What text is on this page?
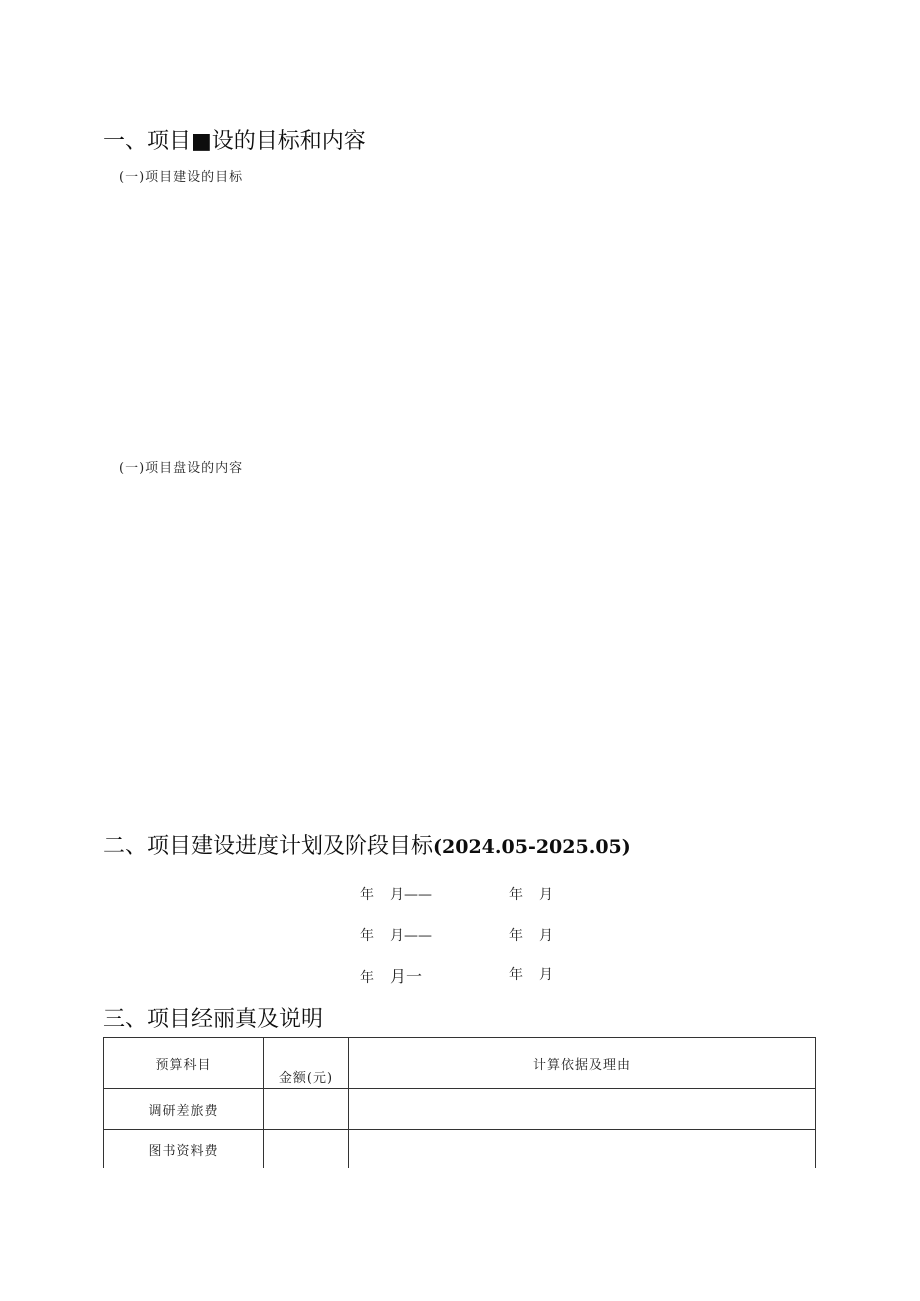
一、项目■设的目标和内容
(一)项目建设的目标
(一)项目盘设的内容
二、项目建设进度计划及阶段目标(2024.05-2025.05)
年 月——	年 月
年 月——	年 月
年 月一	年 月
三、项目经丽真及说明
预算科目	金额(元)	计算依据及理由
调研差旅费		
图书资料费		
